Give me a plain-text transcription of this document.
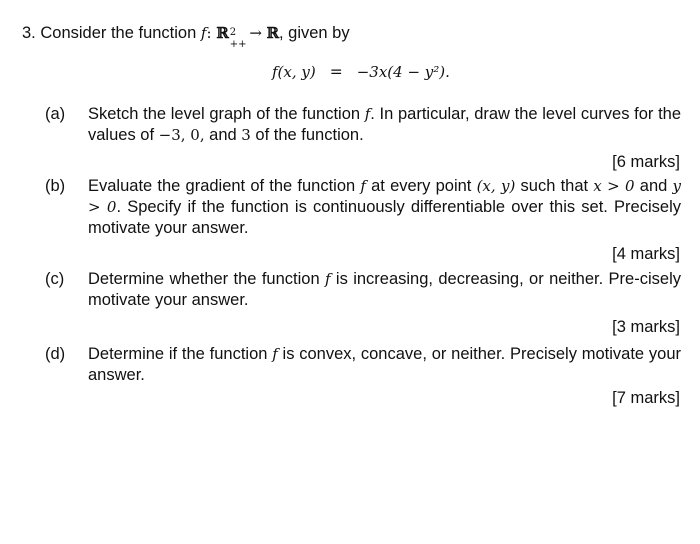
3. Consider the function f: ℝ 2
++
→ ℝ, given by
f(x, y) = −3x(4 − y²).
(a) Sketch the level graph of the function f. In particular, draw the level curves for the values of −3, 0, and 3 of the function.
[6 marks]
(b) Evaluate the gradient of the function f at every point (x, y) such that x > 0 and y > 0. Specify if the function is continuously differentiable over this set. Precisely motivate your answer.
[4 marks]
(c) Determine whether the function f is increasing, decreasing, or neither. Pre-cisely motivate your answer.
[3 marks]
(d) Determine if the function f is convex, concave, or neither. Precisely motivate your answer.
[7 marks]
